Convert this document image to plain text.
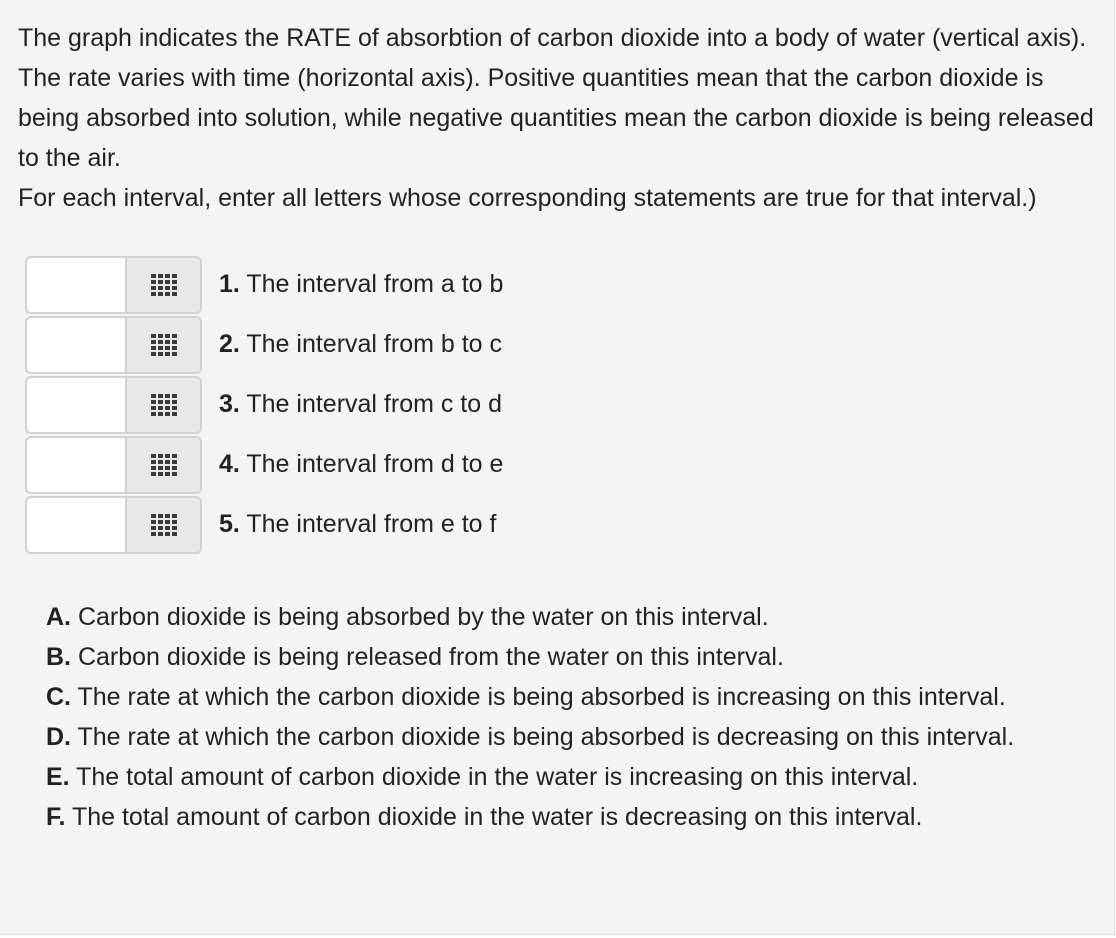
The graph indicates the RATE of absorbtion of carbon dioxide into a body of water (vertical axis). The rate varies with time (horizontal axis). Positive quantities mean that the carbon dioxide is being absorbed into solution, while negative quantities mean the carbon dioxide is being released to the air.

For each interval, enter all letters whose corresponding statements are true for that interval.)

1. The interval from a to b
2. The interval from b to c
3. The interval from c to d
4. The interval from d to e
5. The interval from e to f

A. Carbon dioxide is being absorbed by the water on this interval.

B. Carbon dioxide is being released from the water on this interval.

C. The rate at which the carbon dioxide is being absorbed is increasing on this interval.

D. The rate at which the carbon dioxide is being absorbed is decreasing on this interval.

E. The total amount of carbon dioxide in the water is increasing on this interval.

F. The total amount of carbon dioxide in the water is decreasing on this interval.
